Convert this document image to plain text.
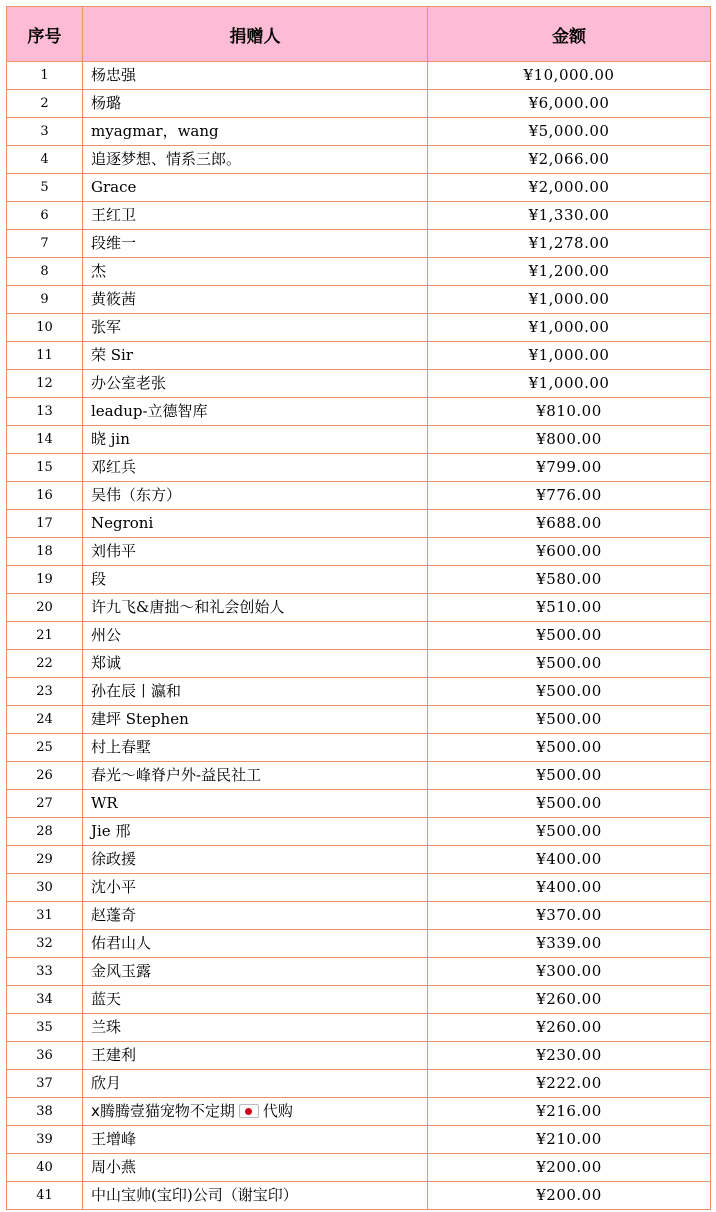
序号	捐赠人	金额
1	杨忠强	¥10,000.00
2	杨璐	¥6,000.00
3	myagmar，wang	¥5,000.00
4	追逐梦想、情系三郎。	¥2,066.00
5	Grace	¥2,000.00
6	王红卫	¥1,330.00
7	段维一	¥1,278.00
8	杰	¥1,200.00
9	黄筱茜	¥1,000.00
10	张军	¥1,000.00
11	荣 Sir	¥1,000.00
12	办公室老张	¥1,000.00
13	leadup-立德智库	¥810.00
14	晓 jin	¥800.00
15	邓红兵	¥799.00
16	吴伟（东方）	¥776.00
17	Negroni	¥688.00
18	刘伟平	¥600.00
19	段	¥580.00
20	许九飞&唐拙～和礼会创始人	¥510.00
21	州公	¥500.00
22	郑诚	¥500.00
23	孙在辰丨瀛和	¥500.00
24	建坪 Stephen	¥500.00
25	村上春墅	¥500.00
26	春光～峰脊户外-益民社工	¥500.00
27	WR	¥500.00
28	Jie 邢	¥500.00
29	徐政援	¥400.00
30	沈小平	¥400.00
31	赵蓬奇	¥370.00
32	佑君山人	¥339.00
33	金风玉露	¥300.00
34	蓝天	¥260.00
35	兰珠	¥260.00
36	王建利	¥230.00
37	欣月	¥222.00
38	x腾腾壹猫宠物不定期 代购	¥216.00
39	王增峰	¥210.00
40	周小燕	¥200.00
41	中山宝帅(宝印)公司（谢宝印）	¥200.00
